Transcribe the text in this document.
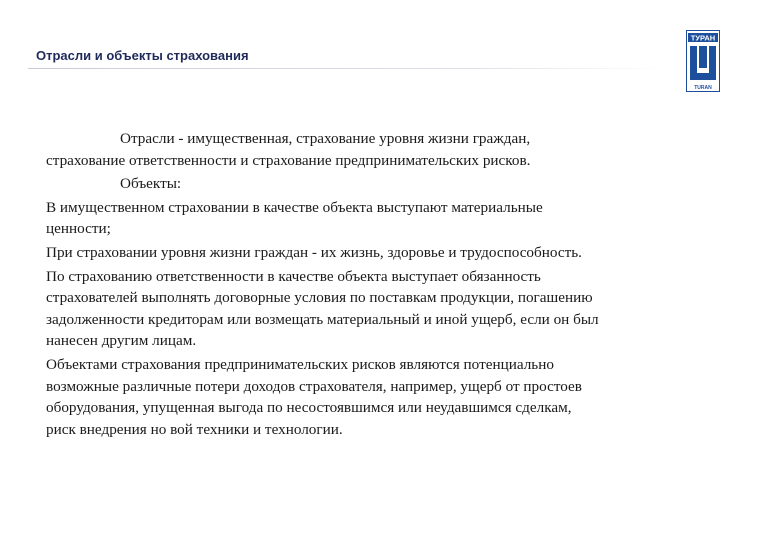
Отрасли и объекты страхования
ТУРАН
TURAN

Отрасли - имущественная, страхование уровня жизни граждан,
страхование ответственности и страхование предпринимательских рисков.

Объекты:

В имущественном страховании в качестве объекта выступают материальные
ценности;

При страховании уровня жизни граждан - их жизнь, здоровье и трудоспособность.

По страхованию ответственности в качестве объекта выступает обязанность
страхователей выполнять договорные условия по поставкам продукции, погашению
задолженности кредиторам или возмещать материальный и иной ущерб, если он был
нанесен другим лицам.

Объектами страхования предпринимательских рисков являются потенциально
возможные различные потери доходов страхователя, например, ущерб от простоев
оборудования, упущенная выгода по несостоявшимся или неудавшимся сделкам,
риск внедрения но вой техники и технологии.
